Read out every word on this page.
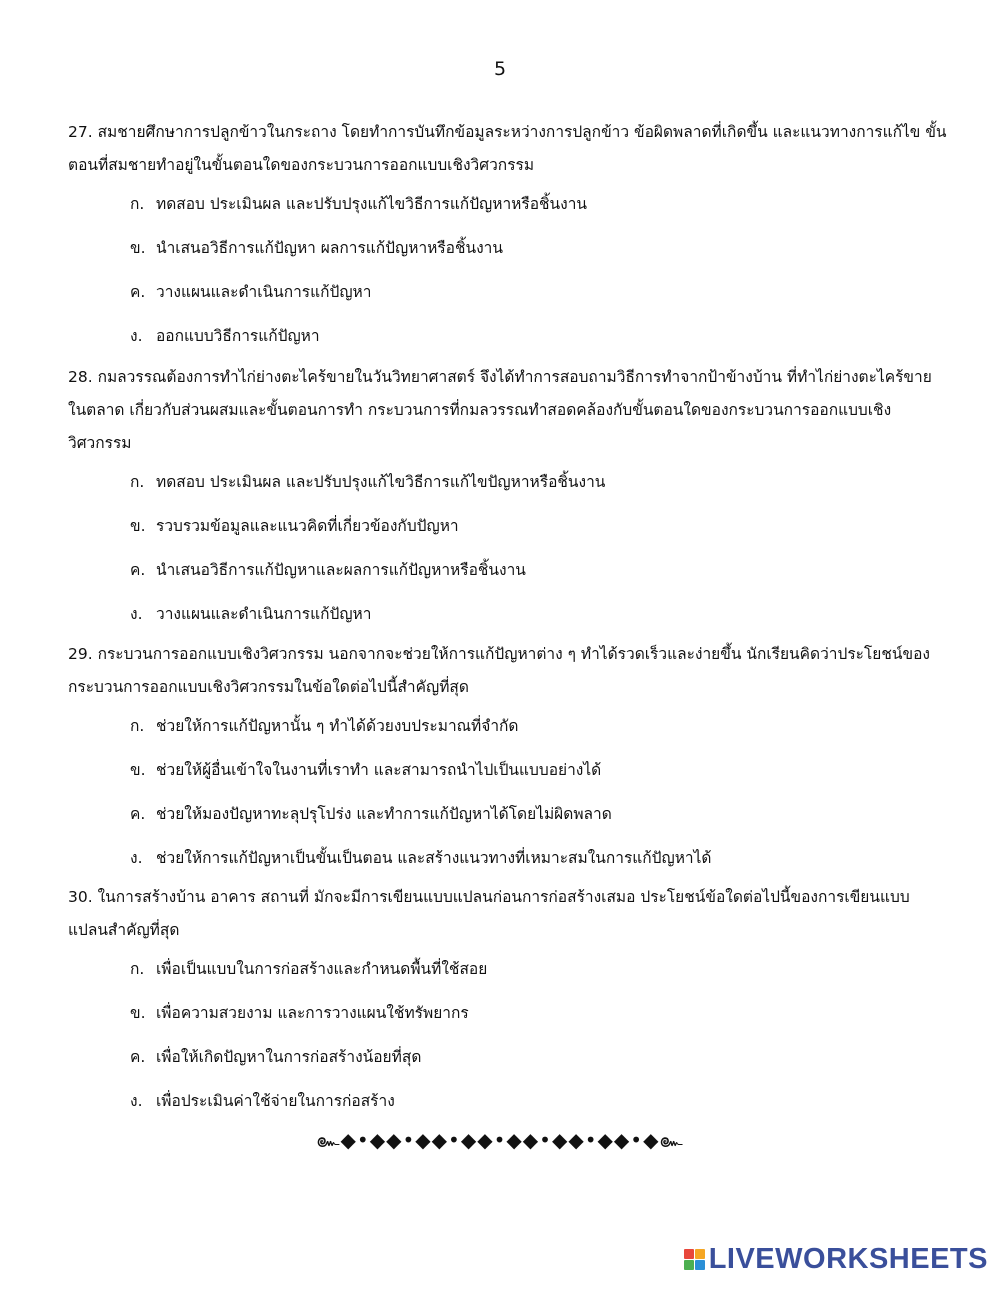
5

27. สมชายศึกษาการปลูกข้าวในกระถาง โดยทำการบันทึกข้อมูลระหว่างการปลูกข้าว ข้อผิดพลาดที่เกิดขึ้น และแนวทางการแก้ไข ขั้นตอนที่สมชายทำอยู่ในขั้นตอนใดของกระบวนการออกแบบเชิงวิศวกรรม

ก. ทดสอบ ประเมินผล และปรับปรุงแก้ไขวิธีการแก้ปัญหาหรือชิ้นงาน
ข. นำเสนอวิธีการแก้ปัญหา ผลการแก้ปัญหาหรือชิ้นงาน
ค. วางแผนและดำเนินการแก้ปัญหา
ง. ออกแบบวิธีการแก้ปัญหา

28. กมลวรรณต้องการทำไก่ย่างตะไคร้ขายในวันวิทยาศาสตร์ จึงได้ทำการสอบถามวิธีการทำจากป้าข้างบ้าน ที่ทำไก่ย่างตะไคร้ขายในตลาด เกี่ยวกับส่วนผสมและขั้นตอนการทำ กระบวนการที่กมลวรรณทำสอดคล้องกับขั้นตอนใดของกระบวนการออกแบบเชิงวิศวกรรม

ก. ทดสอบ ประเมินผล และปรับปรุงแก้ไขวิธีการแก้ไขปัญหาหรือชิ้นงาน
ข. รวบรวมข้อมูลและแนวคิดที่เกี่ยวข้องกับปัญหา
ค. นำเสนอวิธีการแก้ปัญหาและผลการแก้ปัญหาหรือชิ้นงาน
ง. วางแผนและดำเนินการแก้ปัญหา

29. กระบวนการออกแบบเชิงวิศวกรรม นอกจากจะช่วยให้การแก้ปัญหาต่าง ๆ ทำได้รวดเร็วและง่ายขึ้น นักเรียนคิดว่าประโยชน์ของกระบวนการออกแบบเชิงวิศวกรรมในข้อใดต่อไปนี้สำคัญที่สุด

ก. ช่วยให้การแก้ปัญหานั้น ๆ ทำได้ด้วยงบประมาณที่จำกัด
ข. ช่วยให้ผู้อื่นเข้าใจในงานที่เราทำ และสามารถนำไปเป็นแบบอย่างได้
ค. ช่วยให้มองปัญหาทะลุปรุโปร่ง และทำการแก้ปัญหาได้โดยไม่ผิดพลาด
ง. ช่วยให้การแก้ปัญหาเป็นขั้นเป็นตอน และสร้างแนวทางที่เหมาะสมในการแก้ปัญหาได้

30. ในการสร้างบ้าน อาคาร สถานที่ มักจะมีการเขียนแบบแปลนก่อนการก่อสร้างเสมอ ประโยชน์ข้อใดต่อไปนี้ของการเขียนแบบแปลนสำคัญที่สุด

ก. เพื่อเป็นแบบในการก่อสร้างและกำหนดพื้นที่ใช้สอย
ข. เพื่อความสวยงาม และการวางแผนใช้ทรัพยากร
ค. เพื่อให้เกิดปัญหาในการก่อสร้างน้อยที่สุด
ง. เพื่อประเมินค่าใช้จ่ายในการก่อสร้าง
๛◆•◆◆•◆◆•◆◆•◆◆•◆◆•◆◆•◆๛
LIVEWORKSHEETS
